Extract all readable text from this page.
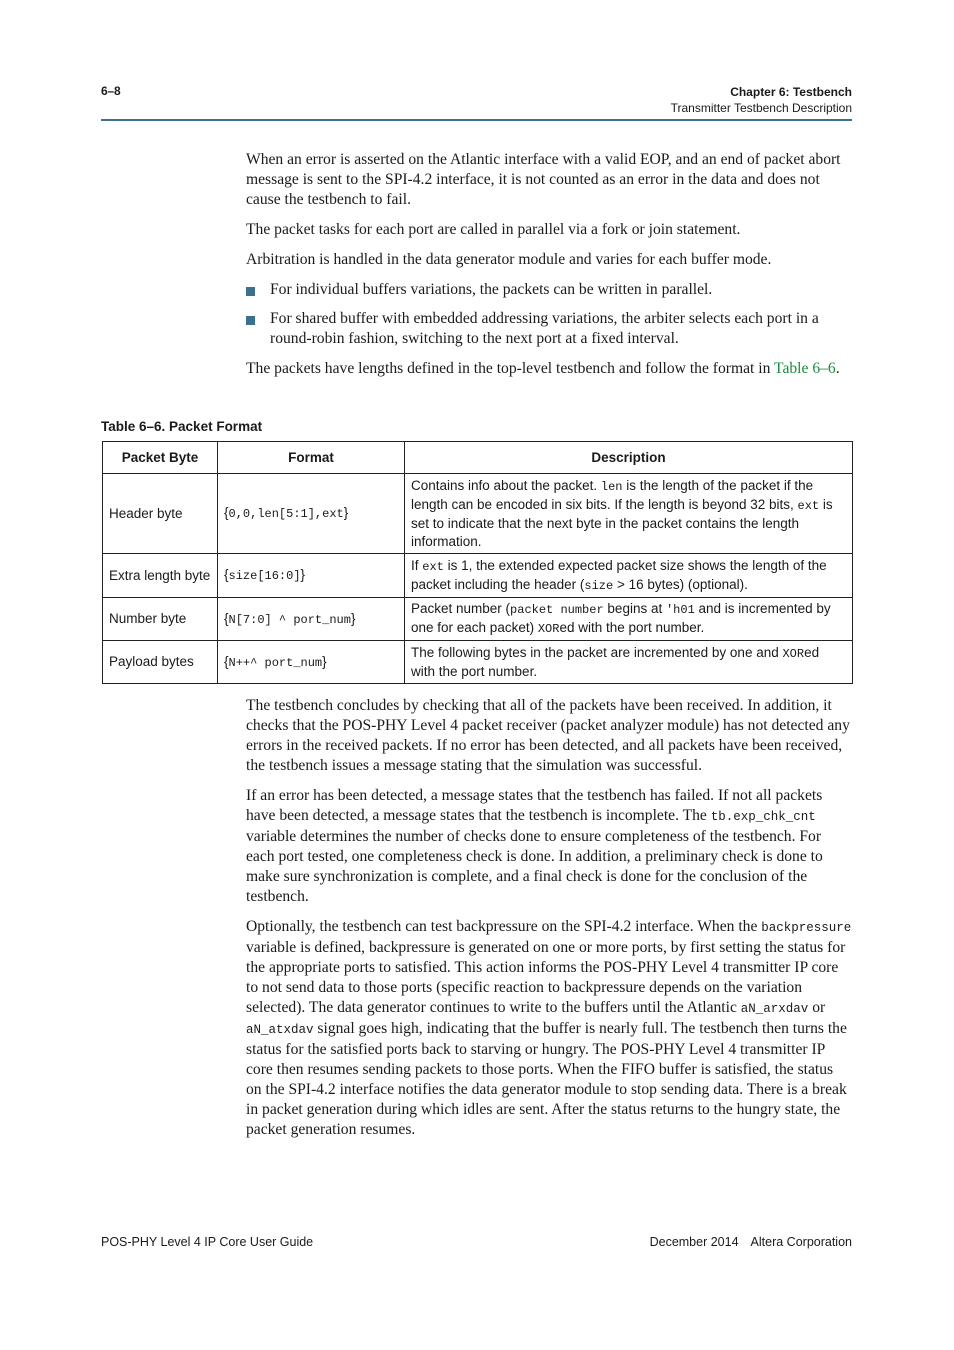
6–8	Chapter 6: Testbench
Transmitter Testbench Description

When an error is asserted on the Atlantic interface with a valid EOP, and an end of packet abort message is sent to the SPI-4.2 interface, it is not counted as an error in the data and does not cause the testbench to fail.

The packet tasks for each port are called in parallel via a fork or join statement.

Arbitration is handled in the data generator module and varies for each buffer mode.

For individual buffers variations, the packets can be written in parallel.
For shared buffer with embedded addressing variations, the arbiter selects each port in a round-robin fashion, switching to the next port at a fixed interval.

The packets have lengths defined in the top-level testbench and follow the format in Table 6–6.

Table 6–6. Packet Format
Packet Byte	Format	Description
Header byte	{0,0,len[5:1],ext}	Contains info about the packet. len is the length of the packet if the length can be encoded in six bits. If the length is beyond 32 bits, ext is set to indicate that the next byte in the packet contains the length information.
Extra length byte	{size[16:0]}	If ext is 1, the extended expected packet size shows the length of the packet including the header (size > 16 bytes) (optional).
Number byte	{N[7:0] ^ port_num}	Packet number (packet number begins at 'h01 and is incremented by one for each packet) XORed with the port number.
Payload bytes	{N++^ port_num}	The following bytes in the packet are incremented by one and XORed with the port number.

The testbench concludes by checking that all of the packets have been received. In addition, it checks that the POS-PHY Level 4 packet receiver (packet analyzer module) has not detected any errors in the received packets. If no error has been detected, and all packets have been received, the testbench issues a message stating that the simulation was successful.

If an error has been detected, a message states that the testbench has failed. If not all packets have been detected, a message states that the testbench is incomplete. The tb.exp_chk_cnt variable determines the number of checks done to ensure completeness of the testbench. For each port tested, one completeness check is done. In addition, a preliminary check is done to make sure synchronization is complete, and a final check is done for the conclusion of the testbench.

Optionally, the testbench can test backpressure on the SPI-4.2 interface. When the backpressure variable is defined, backpressure is generated on one or more ports, by first setting the status for the appropriate ports to satisfied. This action informs the POS-PHY Level 4 transmitter IP core to not send data to those ports (specific reaction to backpressure depends on the variation selected). The data generator continues to write to the buffers until the Atlantic aN_arxdav or aN_atxdav signal goes high, indicating that the buffer is nearly full. The testbench then turns the status for the satisfied ports back to starving or hungry. The POS-PHY Level 4 transmitter IP core then resumes sending packets to those ports. When the FIFO buffer is satisfied, the status on the SPI-4.2 interface notifies the data generator module to stop sending data. There is a break in packet generation during which idles are sent. After the status returns to the hungry state, the packet generation resumes.

POS-PHY Level 4 IP Core User Guide	December 2014 Altera Corporation
